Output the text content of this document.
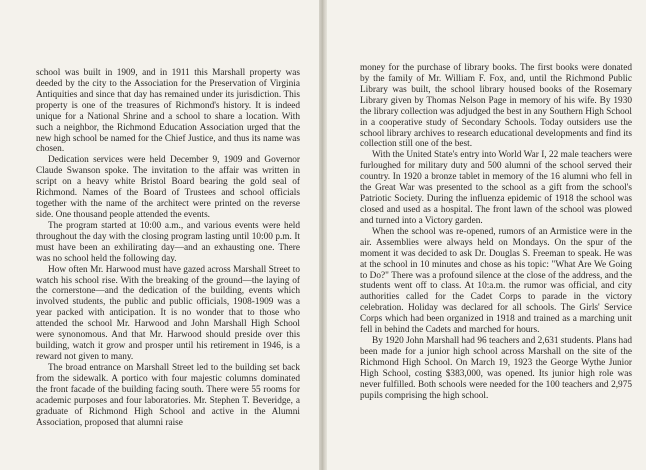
school was built in 1909, and in 1911 this Marshall property was deeded by the city to the Association for the Preservation of Virginia Antiquities and since that day has remained under its jurisdiction. This property is one of the treasures of Richmond's history. It is indeed unique for a National Shrine and a school to share a location. With such a neighbor, the Richmond Education Association urged that the new high school be named for the Chief Justice, and thus its name was chosen.

Dedication services were held December 9, 1909 and Governor Claude Swanson spoke. The invitation to the affair was written in script on a heavy white Bristol Board bearing the gold seal of Richmond. Names of the Board of Trustees and school officials together with the name of the architect were printed on the reverse side. One thousand people attended the events.

The program started at 10:00 a.m., and various events were held throughout the day with the closing program lasting until 10:00 p.m. It must have been an exhilirating day—and an exhausting one. There was no school held the following day.

How often Mr. Harwood must have gazed across Marshall Street to watch his school rise. With the breaking of the ground—the laying of the cornerstone—and the dedication of the building, events which involved students, the public and public officials, 1908-1909 was a year packed with anticipation. It is no wonder that to those who attended the school Mr. Harwood and John Marshall High School were synonomous. And that Mr. Harwood should preside over this building, watch it grow and prosper until his retirement in 1946, is a reward not given to many.

The broad entrance on Marshall Street led to the building set back from the sidewalk. A portico with four majestic columns dominated the front facade of the building facing south. There were 55 rooms for academic purposes and four laboratories. Mr. Stephen T. Beveridge, a graduate of Richmond High School and active in the Alumni Association, proposed that alumni raise

money for the purchase of library books. The first books were donated by the family of Mr. William F. Fox, and, until the Richmond Public Library was built, the school library housed books of the Rosemary Library given by Thomas Nelson Page in memory of his wife. By 1930 the library collection was adjudged the best in any Southern High School in a cooperative study of Secondary Schools. Today outsiders use the school library archives to research educational developments and find its collection still one of the best.

With the United State's entry into World War I, 22 male teachers were furloughed for military duty and 500 alumni of the school served their country. In 1920 a bronze tablet in memory of the 16 alumni who fell in the Great War was presented to the school as a gift from the school's Patriotic Society. During the influenza epidemic of 1918 the school was closed and used as a hospital. The front lawn of the school was plowed and turned into a Victory garden.

When the school was re-opened, rumors of an Armistice were in the air. Assemblies were always held on Mondays. On the spur of the moment it was decided to ask Dr. Douglas S. Freeman to speak. He was at the school in 10 minutes and chose as his topic: "What Are We Going to Do?" There was a profound silence at the close of the address, and the students went off to class. At 10:a.m. the rumor was official, and city authorities called for the Cadet Corps to parade in the victory celebration. Holiday was declared for all schools. The Girls' Service Corps which had been organized in 1918 and trained as a marching unit fell in behind the Cadets and marched for hours.

By 1920 John Marshall had 96 teachers and 2,631 students. Plans had been made for a junior high school across Marshall on the site of the Richmond High School. On March 19, 1923 the George Wythe Junior High School, costing $383,000, was opened. Its junior high role was never fulfilled. Both schools were needed for the 100 teachers and 2,975 pupils comprising the high school.
